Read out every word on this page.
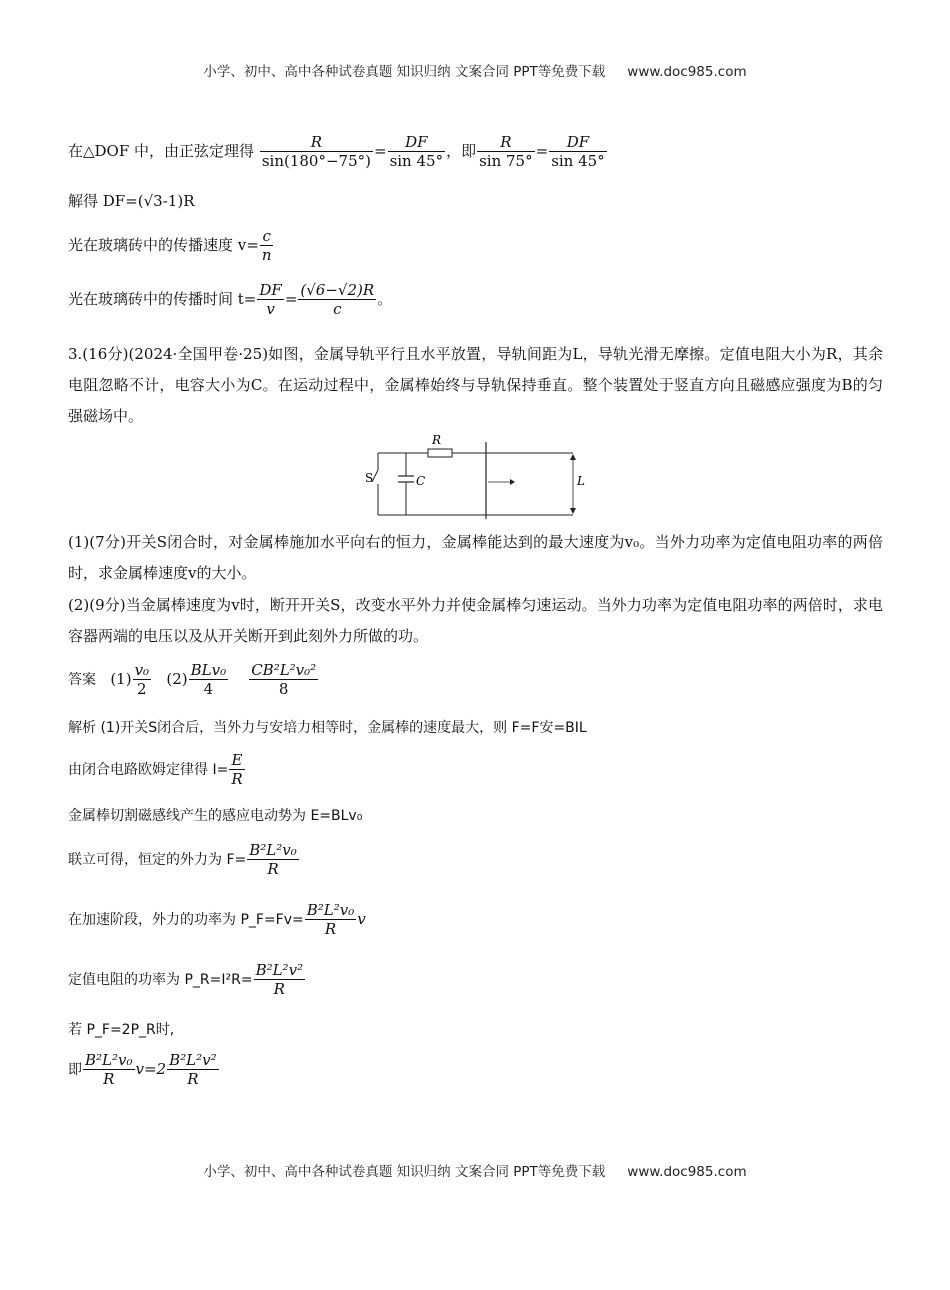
小学、初中、高中各种试卷真题 知识归纳 文案合同 PPT等免费下载 www.doc985.com
在△DOF 中，由正弦定理得 $\frac{R}{\sin(180^\circ-75^\circ)} = \frac{DF}{\sin 45^\circ}$ ，即 $\frac{R}{\sin 75^\circ} = \frac{DF}{\sin 45^\circ}$
解得 DF=(√3-1)R
光在玻璃砖中的传播速度 $v= \frac{c}{n}$
光在玻璃砖中的传播时间 $t= \frac{DF}{v} = \frac{(√6-√2)R}{c}$ 。
3.(16分)(2024·全国甲卷·25)如图，金属导轨平行且水平放置，导轨间距为L，导轨光滑无摩擦。定值电阻大小为R，其余电阻忽略不计，电容大小为C。在运动过程中，金属棒始终与导轨保持垂直。整个装置处于竖直方向且磁感应强度为B的匀强磁场中。
R
S	C	L
(1)(7分)开关S闭合时，对金属棒施加水平向右的恒力，金属棒能达到的最大速度为v₀。当外力功率为定值电阻功率的两倍时，求金属棒速度v的大小。
(2)(9分)当金属棒速度为v时，断开开关S，改变水平外力并使金属棒匀速运动。当外力功率为定值电阻功率的两倍时，求电容器两端的电压以及从开关断开到此刻外力所做的功。
答案 $(1) \frac{\text{v₀}}{2} (2) \frac{\text{BLv₀}}{4}$
$\frac{\text{CB²L²v₀²}}{8}$
解析 (1)开关S闭合后，当外力与安培力相等时，金属棒的速度最大，则 F=F安=BIL
由闭合电路欧姆定律得 $I= \frac{E}{R}$
金属棒切割磁感线产生的感应电动势为 E=BLv₀
联立可得，恒定的外力为 $F= \frac{\text{B²L²v₀}}{R}$
在加速阶段，外力的功率为 P_F=Fv= $\frac{\text{B²L²v₀}}{R}$ v
定值电阻的功率为 P_R=I²R= $\frac{\text{B²L²v²}}{R}$
若 P_F=2P_R时,
即 $\frac{\text{B²L²v₀}}{R} v=2 \frac{\text{B²L²v²}}{R}$
小学、初中、高中各种试卷真题 知识归纳 文案合同 PPT等免费下载 www.doc985.com
